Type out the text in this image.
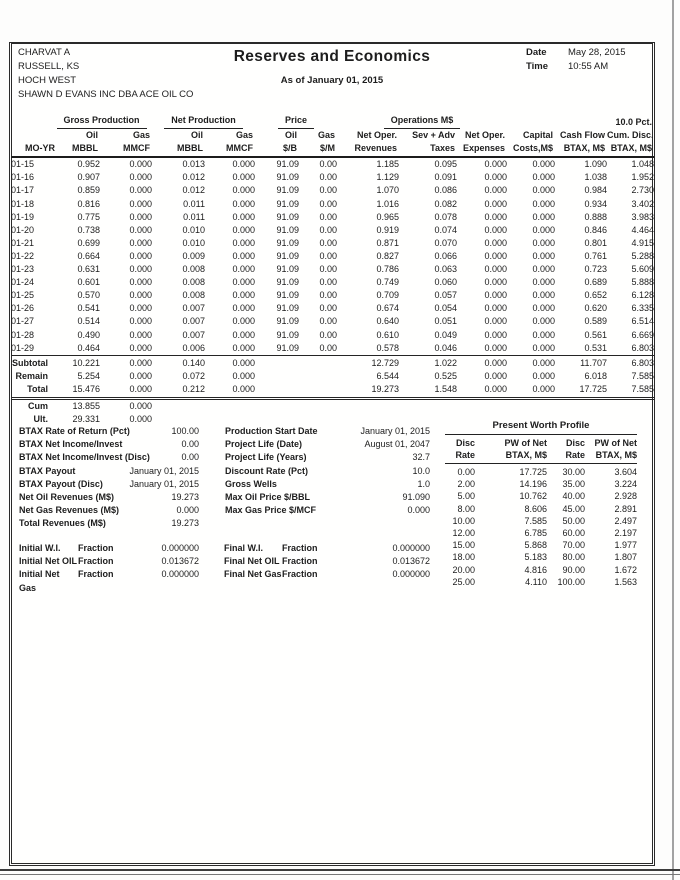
CHARVAT A
RUSSELL, KS
HOCH WEST
SHAWN D EVANS INC DBA ACE OIL CO
Reserves and Economics
As of January 01, 2015
Date	May 28, 2015
Time	10:55 AM
	Gross Production		Net Production		Price		Operations M$					10.0 Pct.
	Oil	Gas	Oil	Gas	Oil	Gas	Net Oper.	Sev + Adv	Net Oper.	Capital	Cash Flow	Cum. Disc.
MO-YR	MBBL	MMCF	MBBL	MMCF	$/B	$/M	Revenues	Taxes	Expenses	Costs,M$	BTAX, M$	BTAX, M$
01-15	0.952	0.000	0.013	0.000	91.09	0.00	1.185	0.095	0.000	0.000	1.090	1.048
01-16	0.907	0.000	0.012	0.000	91.09	0.00	1.129	0.091	0.000	0.000	1.038	1.952
01-17	0.859	0.000	0.012	0.000	91.09	0.00	1.070	0.086	0.000	0.000	0.984	2.730
01-18	0.816	0.000	0.011	0.000	91.09	0.00	1.016	0.082	0.000	0.000	0.934	3.402
01-19	0.775	0.000	0.011	0.000	91.09	0.00	0.965	0.078	0.000	0.000	0.888	3.983
01-20	0.738	0.000	0.010	0.000	91.09	0.00	0.919	0.074	0.000	0.000	0.846	4.464
01-21	0.699	0.000	0.010	0.000	91.09	0.00	0.871	0.070	0.000	0.000	0.801	4.915
01-22	0.664	0.000	0.009	0.000	91.09	0.00	0.827	0.066	0.000	0.000	0.761	5.288
01-23	0.631	0.000	0.008	0.000	91.09	0.00	0.786	0.063	0.000	0.000	0.723	5.609
01-24	0.601	0.000	0.008	0.000	91.09	0.00	0.749	0.060	0.000	0.000	0.689	5.888
01-25	0.570	0.000	0.008	0.000	91.09	0.00	0.709	0.057	0.000	0.000	0.652	6.128
01-26	0.541	0.000	0.007	0.000	91.09	0.00	0.674	0.054	0.000	0.000	0.620	6.335
01-27	0.514	0.000	0.007	0.000	91.09	0.00	0.640	0.051	0.000	0.000	0.589	6.514
01-28	0.490	0.000	0.007	0.000	91.09	0.00	0.610	0.049	0.000	0.000	0.561	6.669
01-29	0.464	0.000	0.006	0.000	91.09	0.00	0.578	0.046	0.000	0.000	0.531	6.803
Subtotal	10.221	0.000	0.140	0.000			12.729	1.022	0.000	0.000	11.707	6.803
Remain	5.254	0.000	0.072	0.000			6.544	0.525	0.000	0.000	6.018	7.585
Total	15.476	0.000	0.212	0.000			19.273	1.548	0.000	0.000	17.725	7.585
Cum	13.855	0.000										
Ult.	29.331	0.000										
BTAX Rate of Return (Pct)	100.00
BTAX Net Income/Invest	0.00
BTAX Net Income/Invest (Disc)	0.00
BTAX Payout	January 01, 2015
BTAX Payout (Disc)	January 01, 2015
Production Start Date	January 01, 2015
Project Life (Date)	August 01, 2047
Project Life (Years)	32.7
Discount Rate (Pct)	10.0
Gross Wells	1.0
Net Oil Revenues (M$)	19.273
Net Gas Revenues (M$)	0.000
Total Revenues (M$)	19.273
Max Oil Price $/BBL	91.090
Max Gas Price $/MCF	0.000
Initial W.I.	Fraction	0.000000	Final W.I.	Fraction	0.000000
Initial Net OIL Fraction	0.013672	Final Net OIL Fraction	0.013672
Initial Net Gas
Fraction	0.000000	Final Net Gas Fraction	0.000000
Present Worth Profile
Disc
Rate
PW of Net
BTAX, M$
Disc
Rate
PW of Net
BTAX, M$
0.00	17.725	30.00	3.604
2.00	14.196	35.00	3.224
5.00	10.762	40.00	2.928
8.00	8.606	45.00	2.891
10.00	7.585	50.00	2.497
12.00	6.785	60.00	2.197
15.00	5.868	70.00	1.977
18.00	5.183	80.00	1.807
20.00	4.816	90.00	1.672
25.00	4.110	100.00	1.563
